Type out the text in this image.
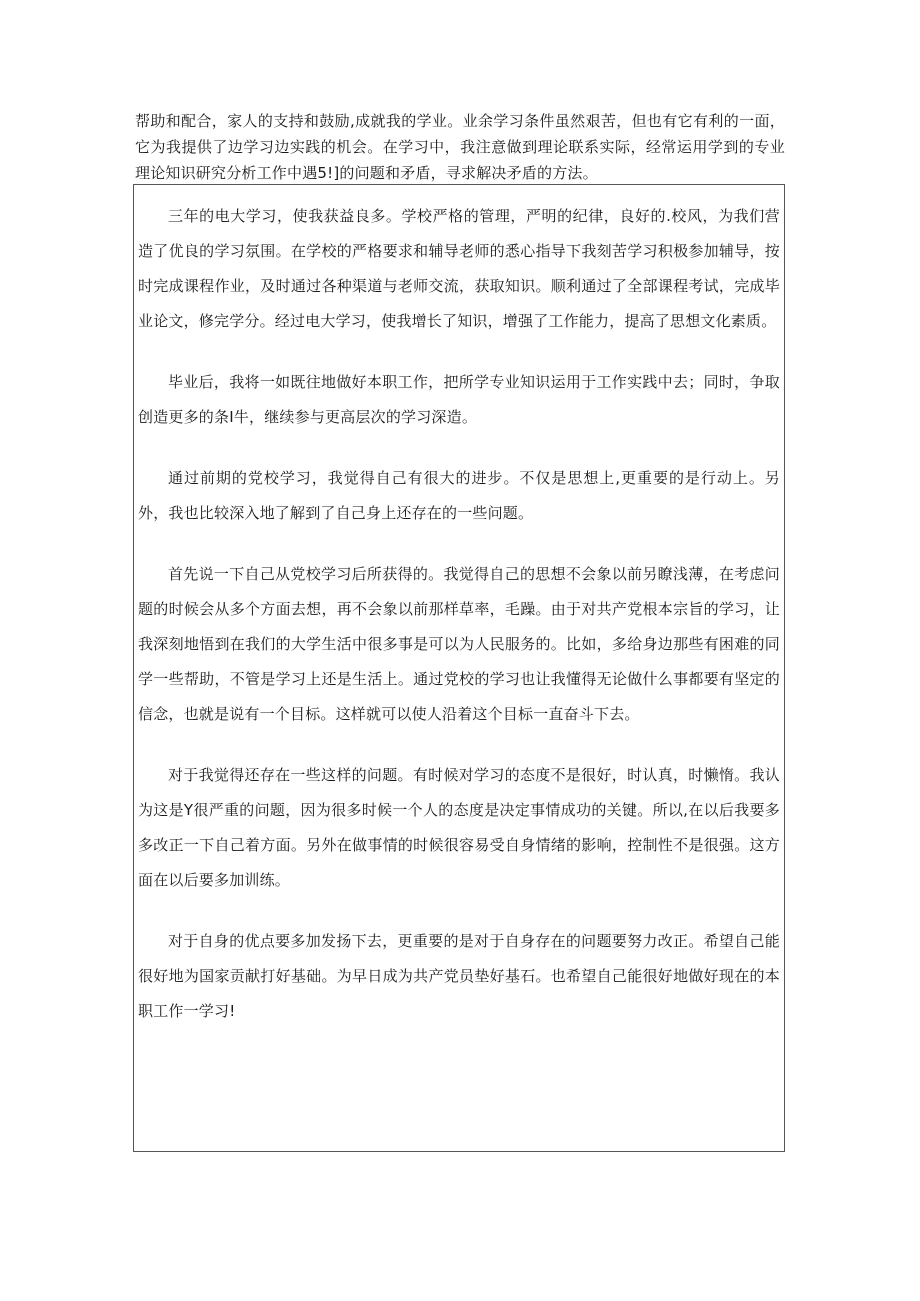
帮助和配合，家人的支持和鼓励,成就我的学业。业余学习条件虽然艰苦，但也有它有利的一面，它为我提供了边学习边实践的机会。在学习中，我注意做到理论联系实际，经常运用学到的专业理论知识研究分析工作中遇5!]的问题和矛盾，寻求解决矛盾的方法。

三年的电大学习，使我获益良多。学校严格的管理，严明的纪律，良好的.校风，为我们营造了优良的学习氛围。在学校的严格要求和辅导老师的悉心指导下我刻苦学习积极参加辅导，按时完成课程作业，及时通过各种渠道与老师交流，获取知识。顺利通过了全部课程考试，完成毕业论文，修完学分。经过电大学习，使我增长了知识，增强了工作能力，提高了思想文化素质。

毕业后，我将一如既往地做好本职工作，把所学专业知识运用于工作实践中去；同时，争取创造更多的条I牛，继续参与更高层次的学习深造。

通过前期的党校学习，我觉得自己有很大的进步。不仅是思想上,更重要的是行动上。另外，我也比较深入地了解到了自己身上还存在的一些问题。

首先说一下自己从党校学习后所获得的。我觉得自己的思想不会象以前另瞭浅薄，在考虑问题的时候会从多个方面去想，再不会象以前那样草率，毛躁。由于对共产党根本宗旨的学习，让我深刻地悟到在我们的大学生活中很多事是可以为人民服务的。比如，多给身边那些有困难的同学一些帮助，不管是学习上还是生活上。通过党校的学习也让我懂得无论做什么事都要有坚定的信念，也就是说有一个目标。这样就可以使人沿着这个目标一直奋斗下去。

对于我觉得还存在一些这样的问题。有时候对学习的态度不是很好，时认真，时懒惰。我认为这是Y很严重的问题，因为很多时候一个人的态度是决定事情成功的关键。所以,在以后我要多多改正一下自己着方面。另外在做事情的时候很容易受自身情绪的影响，控制性不是很强。这方面在以后要多加训练。

对于自身的优点要多加发扬下去，更重要的是对于自身存在的问题要努力改正。希望自己能很好地为国家贡献打好基础。为早日成为共产党员垫好基石。也希望自己能很好地做好现在的本职工作一学习!
